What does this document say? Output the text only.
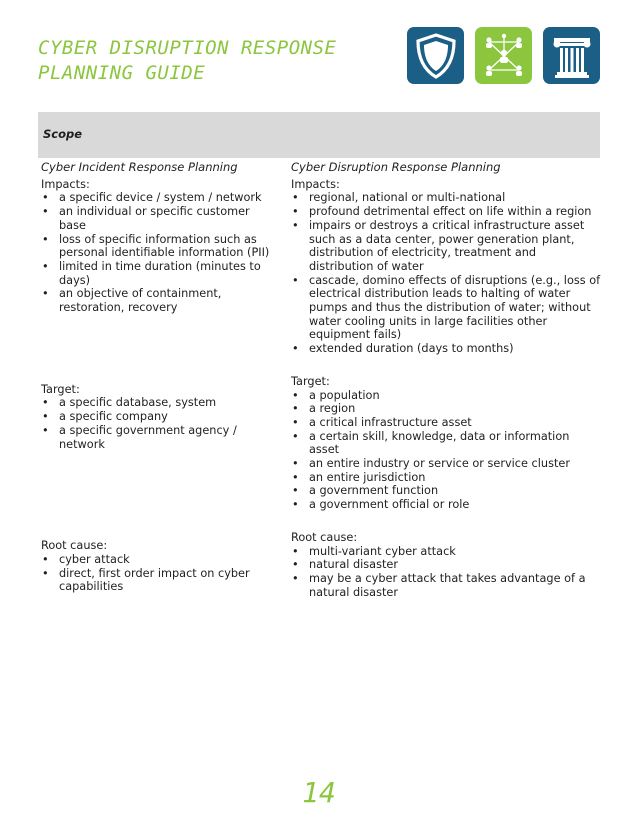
CYBER DISRUPTION RESPONSE
PLANNING GUIDE
Scope
Cyber Incident Response Planning

Impacts:

• a specific device / system / network
• an individual or specific customer base
• loss of specific information such as personal identifiable information (PII)
• limited in time duration (minutes to days)
• an objective of containment, restoration, recovery

Target:

• a specific database, system
• a specific company
• a specific government agency / network

Root cause:

• cyber attack
• direct, first order impact on cyber capabilities
Cyber Disruption Response Planning

Impacts:

• regional, national or multi-national
• profound detrimental effect on life within a region
• impairs or destroys a critical infrastructure asset such as a data center, power generation plant, distribution of electricity, treatment and distribution of water
• cascade, domino effects of disruptions (e.g., loss of electrical distribution leads to halting of water pumps and thus the distribution of water; without water cooling units in large facilities other equipment fails)
• extended duration (days to months)

Target:

• a population
• a region
• a critical infrastructure asset
• a certain skill, knowledge, data or information asset
• an entire industry or service or service cluster
• an entire jurisdiction
• a government function
• a government official or role

Root cause:

• multi-variant cyber attack
• natural disaster
• may be a cyber attack that takes advantage of a natural disaster

14
